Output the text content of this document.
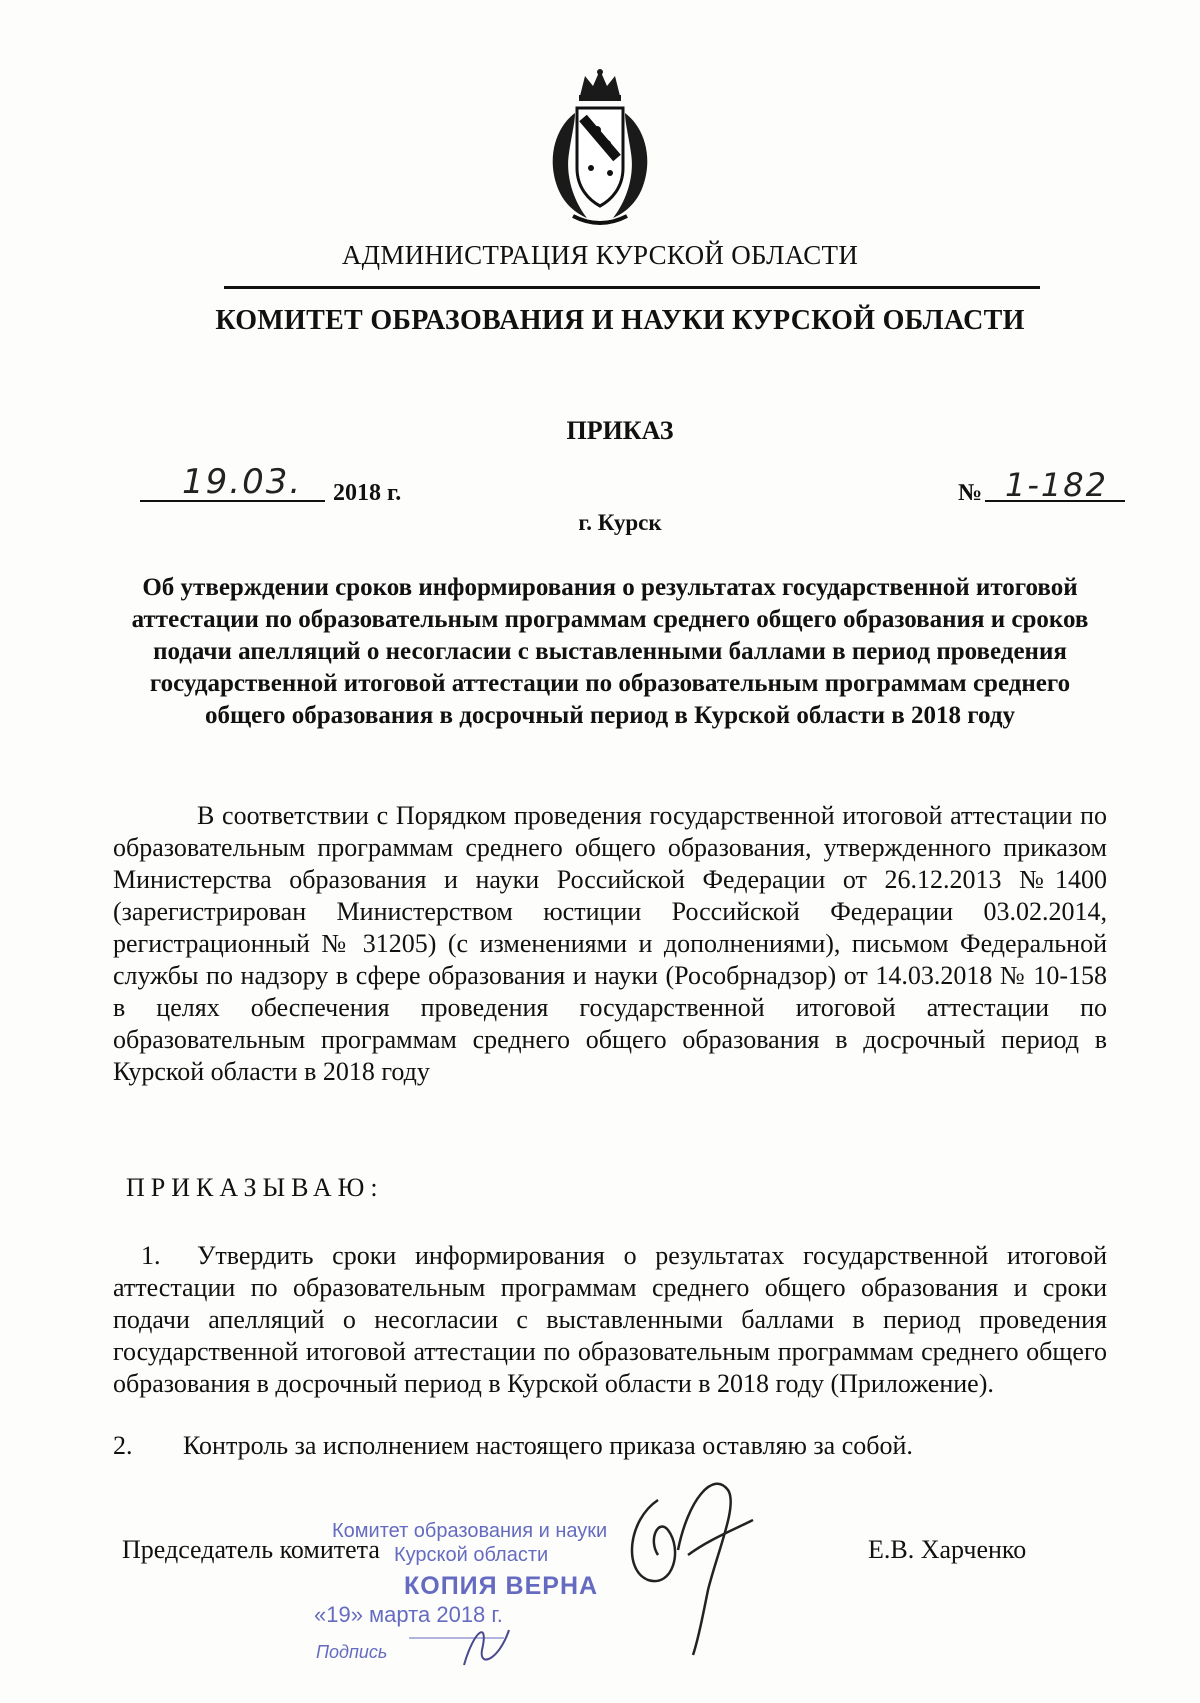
АДМИНИСТРАЦИЯ КУРСКОЙ ОБЛАСТИ
КОМИТЕТ ОБРАЗОВАНИЯ И НАУКИ КУРСКОЙ ОБЛАСТИ
ПРИКАЗ
19.03. 2018 г.	№ 1-182
г. Курск
Об утверждении сроков информирования о результатах государственной итоговой аттестации по образовательным программам среднего общего образования и сроков подачи апелляций о несогласии с выставленными баллами в период проведения государственной итоговой аттестации по образовательным программам среднего общего образования в досрочный период в Курской области в 2018 году
В соответствии с Порядком проведения государственной итоговой аттестации по образовательным программам среднего общего образования, утвержденного приказом Министерства образования и науки Российской Федерации от 26.12.2013 №1400 (зарегистрирован Министерством юстиции Российской Федерации 03.02.2014, регистрационный № 31205) (с изменениями и дополнениями), письмом Федеральной службы по надзору в сфере образования и науки (Рособрнадзор) от 14.03.2018 № 10-158 в целях обеспечения проведения государственной итоговой аттестации по образовательным программам среднего общего образования в досрочный период в Курской области в 2018 году
ПРИКАЗЫВАЮ:
1. Утвердить сроки информирования о результатах государственной итоговой аттестации по образовательным программам среднего общего образования и сроки подачи апелляций о несогласии с выставленными баллами в период проведения государственной итоговой аттестации по образовательным программам среднего общего образования в досрочный период в Курской области в 2018 году (Приложение).
2. Контроль за исполнением настоящего приказа оставляю за собой.
Председатель комитета	Е.В. Харченко
Комитет образования и науки
Курской области
КОПИЯ ВЕРНА
«19» марта 2018 г.
Подпись
